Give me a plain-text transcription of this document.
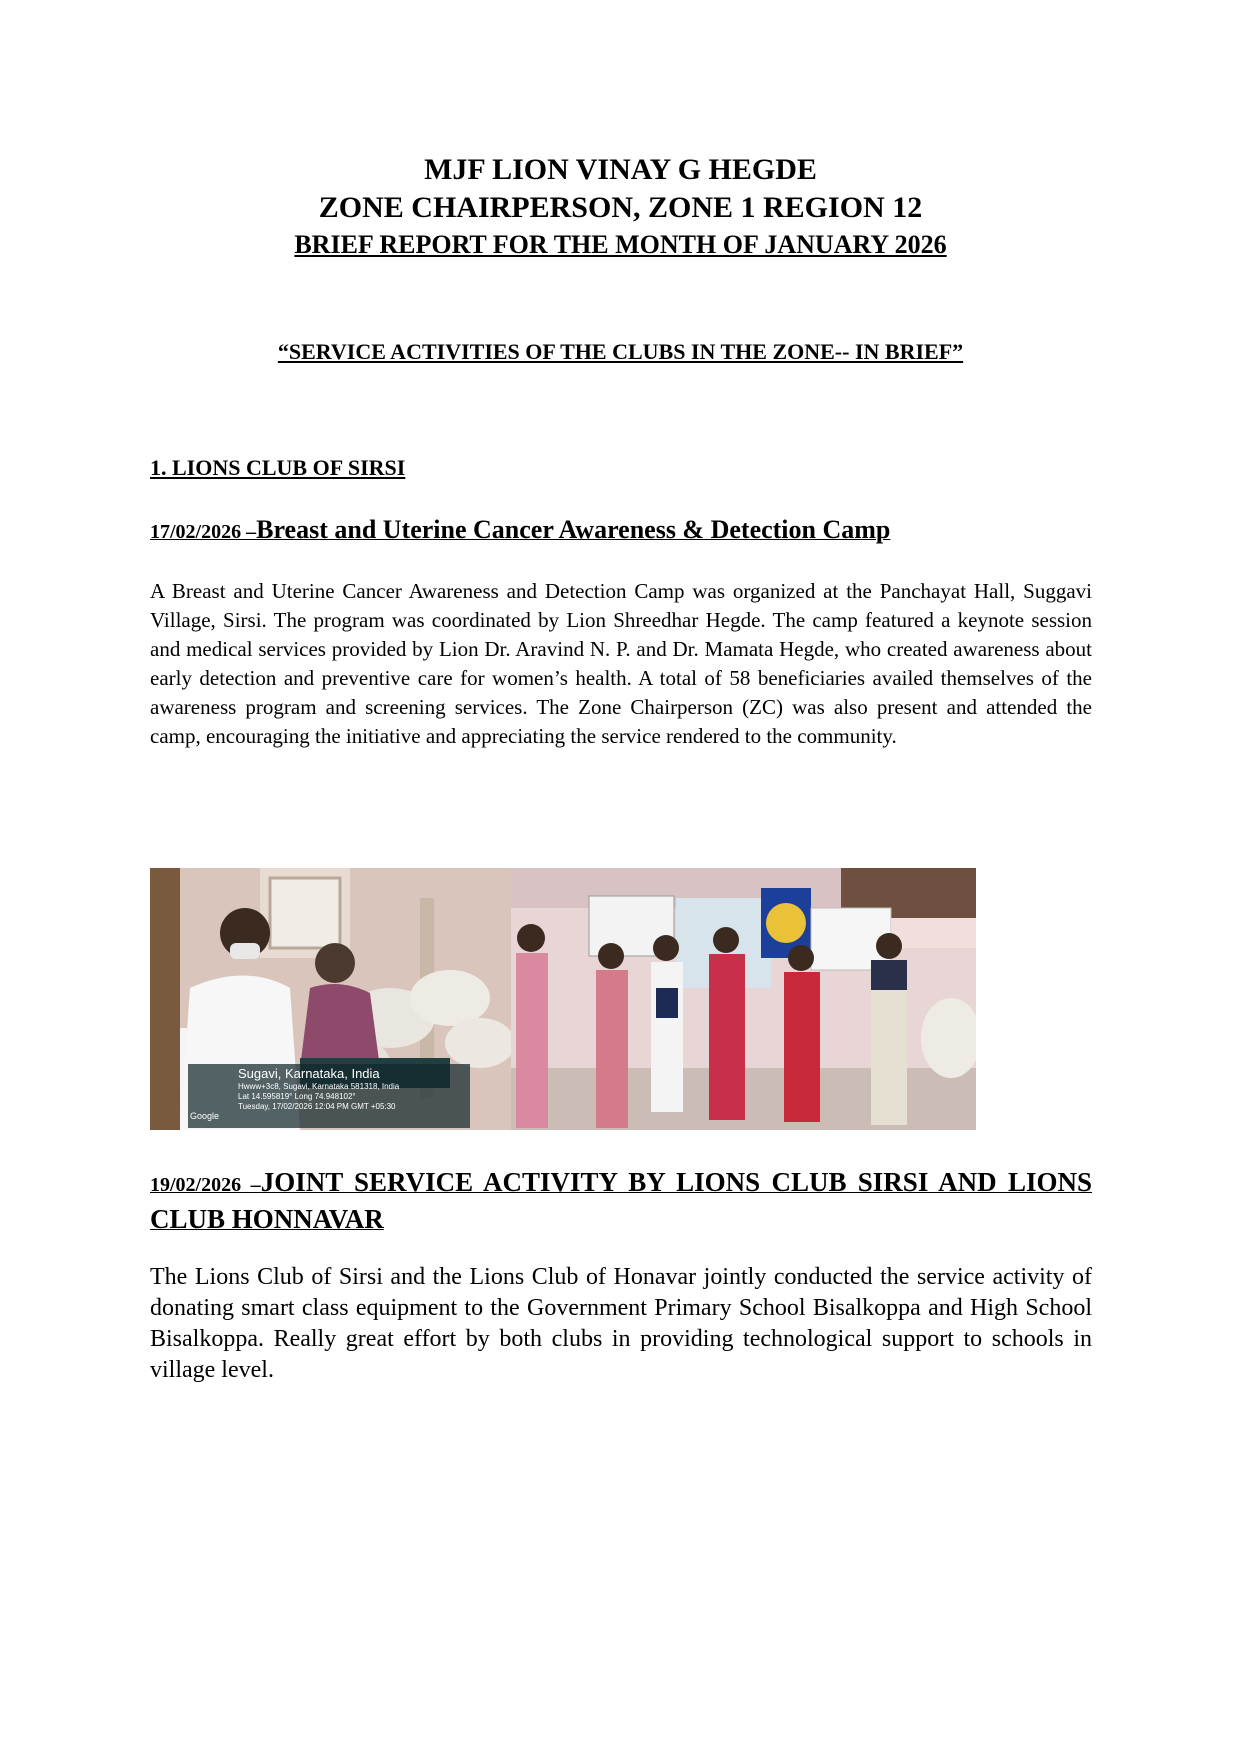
MJF LION VINAY G HEGDE
ZONE CHAIRPERSON, ZONE 1 REGION 12
BRIEF REPORT FOR THE MONTH OF JANUARY 2026
“SERVICE ACTIVITIES OF THE CLUBS IN THE ZONE-- IN BRIEF”
1. LIONS CLUB OF SIRSI
17/02/2026 –Breast and Uterine Cancer Awareness & Detection Camp

A Breast and Uterine Cancer Awareness and Detection Camp was organized at the Panchayat Hall, Suggavi Village, Sirsi. The program was coordinated by Lion Shreedhar Hegde. The camp featured a keynote session and medical services provided by Lion Dr. Aravind N. P. and Dr. Mamata Hegde, who created awareness about early detection and preventive care for women’s health. A total of 58 beneficiaries availed themselves of the awareness program and screening services. The Zone Chairperson (ZC) was also present and attended the camp, encouraging the initiative and appreciating the service rendered to the community.

Sugavi, Karnataka, India
Hwww+3c8, Sugavi, Karnataka 581318, India
Lat 14.595819° Long 74.948102°
Tuesday, 17/02/2026 12:04 PM GMT +05:30
Google
19/02/2026 –JOINT SERVICE ACTIVITY BY LIONS CLUB SIRSI AND LIONS CLUB HONNAVAR

The Lions Club of Sirsi and the Lions Club of Honavar jointly conducted the service activity of donating smart class equipment to the Government Primary School Bisalkoppa and High School Bisalkoppa. Really great effort by both clubs in providing technological support to schools in village level.
